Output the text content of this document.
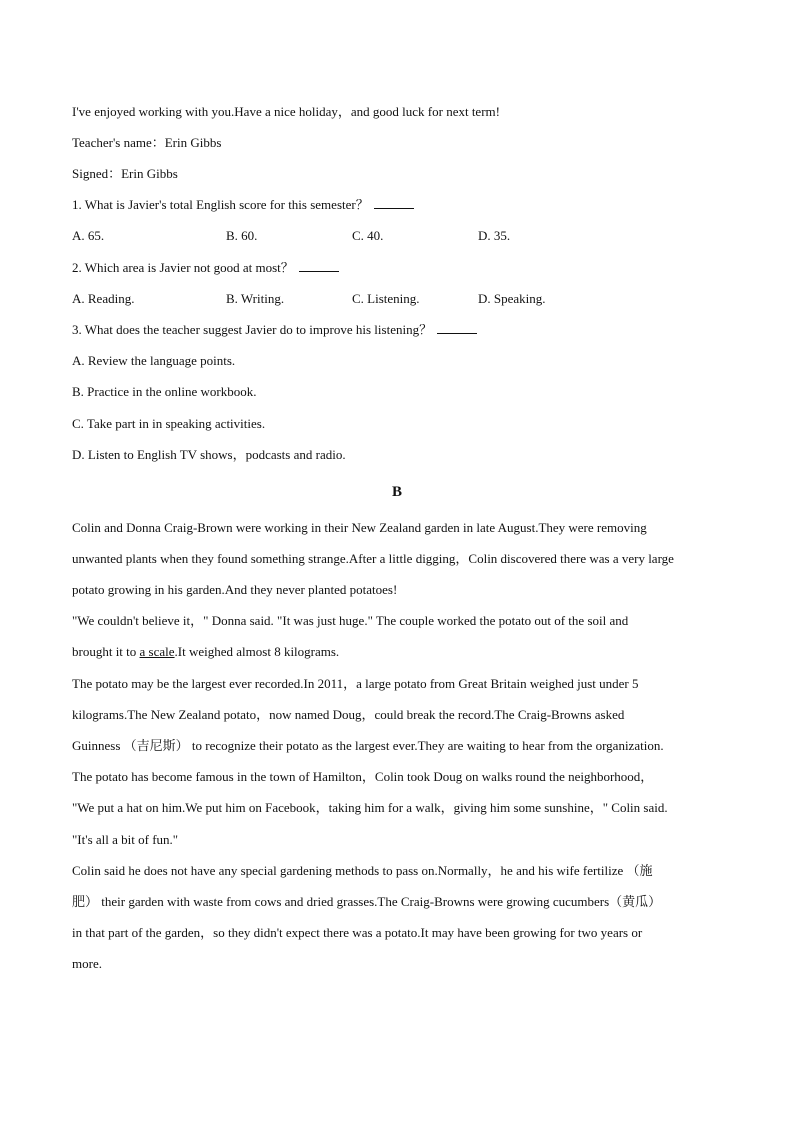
I've enjoyed working with you.Have a nice holiday，and good luck for next term!
Teacher's name：Erin Gibbs
Signed：Erin Gibbs
1. What is Javier's total English score for this semester？
A. 65.	B. 60.	C. 40.	D. 35.
2. Which area is Javier not good at most？
A. Reading.	B. Writing.	C. Listening.	D. Speaking.
3. What does the teacher suggest Javier do to improve his listening？
A. Review the language points.
B. Practice in the online workbook.
C. Take part in in speaking activities.
D. Listen to English TV shows，podcasts and radio.
B
Colin and Donna Craig-Brown were working in their New Zealand garden in late August.They were removing
unwanted plants when they found something strange.After a little digging，Colin discovered there was a very large
potato growing in his garden.And they never planted potatoes!
"We couldn't believe it，" Donna said. "It was just huge." The couple worked the potato out of the soil and
brought it to a scale.It weighed almost 8 kilograms.
The potato may be the largest ever recorded.In 2011，a large potato from Great Britain weighed just under 5
kilograms.The New Zealand potato，now named Doug，could break the record.The Craig-Browns asked
Guinness （吉尼斯） to recognize their potato as the largest ever.They are waiting to hear from the organization.
The potato has become famous in the town of Hamilton，Colin took Doug on walks round the neighborhood，
"We put a hat on him.We put him on Facebook，taking him for a walk，giving him some sunshine，" Colin said.
"It's all a bit of fun."
Colin said he does not have any special gardening methods to pass on.Normally，he and his wife fertilize （施
肥） their garden with waste from cows and dried grasses.The Craig-Browns were growing cucumbers（黄瓜）
in that part of the garden，so they didn't expect there was a potato.It may have been growing for two years or
more.
